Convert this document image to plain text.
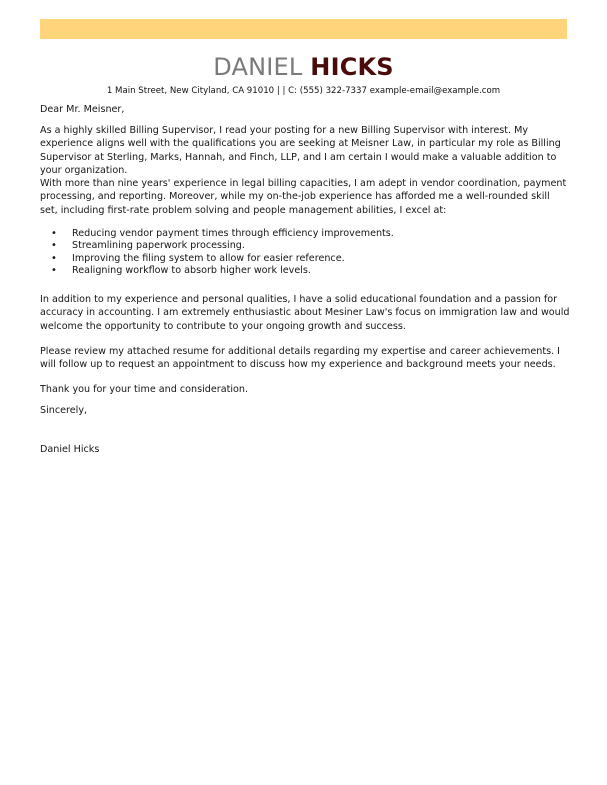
DANIEL HICKS
1 Main Street, New Cityland, CA 91010 | | C: (555) 322-7337 example-email@example.com

Dear Mr. Meisner,

As a highly skilled Billing Supervisor, I read your posting for a new Billing Supervisor with interest. My experience aligns well with the qualifications you are seeking at Meisner Law, in particular my role as Billing Supervisor at Sterling, Marks, Hannah, and Finch, LLP, and I am certain I would make a valuable addition to your organization.

With more than nine years' experience in legal billing capacities, I am adept in vendor coordination, payment processing, and reporting. Moreover, while my on-the-job experience has afforded me a well-rounded skill set, including first-rate problem solving and people management abilities, I excel at:

• Reducing vendor payment times through efficiency improvements.
• Streamlining paperwork processing.
• Improving the filing system to allow for easier reference.
• Realigning workflow to absorb higher work levels.

In addition to my experience and personal qualities, I have a solid educational foundation and a passion for accuracy in accounting. I am extremely enthusiastic about Mesiner Law's focus on immigration law and would welcome the opportunity to contribute to your ongoing growth and success.

Please review my attached resume for additional details regarding my expertise and career achievements. I will follow up to request an appointment to discuss how my experience and background meets your needs.

Thank you for your time and consideration.

Sincerely,

Daniel Hicks
